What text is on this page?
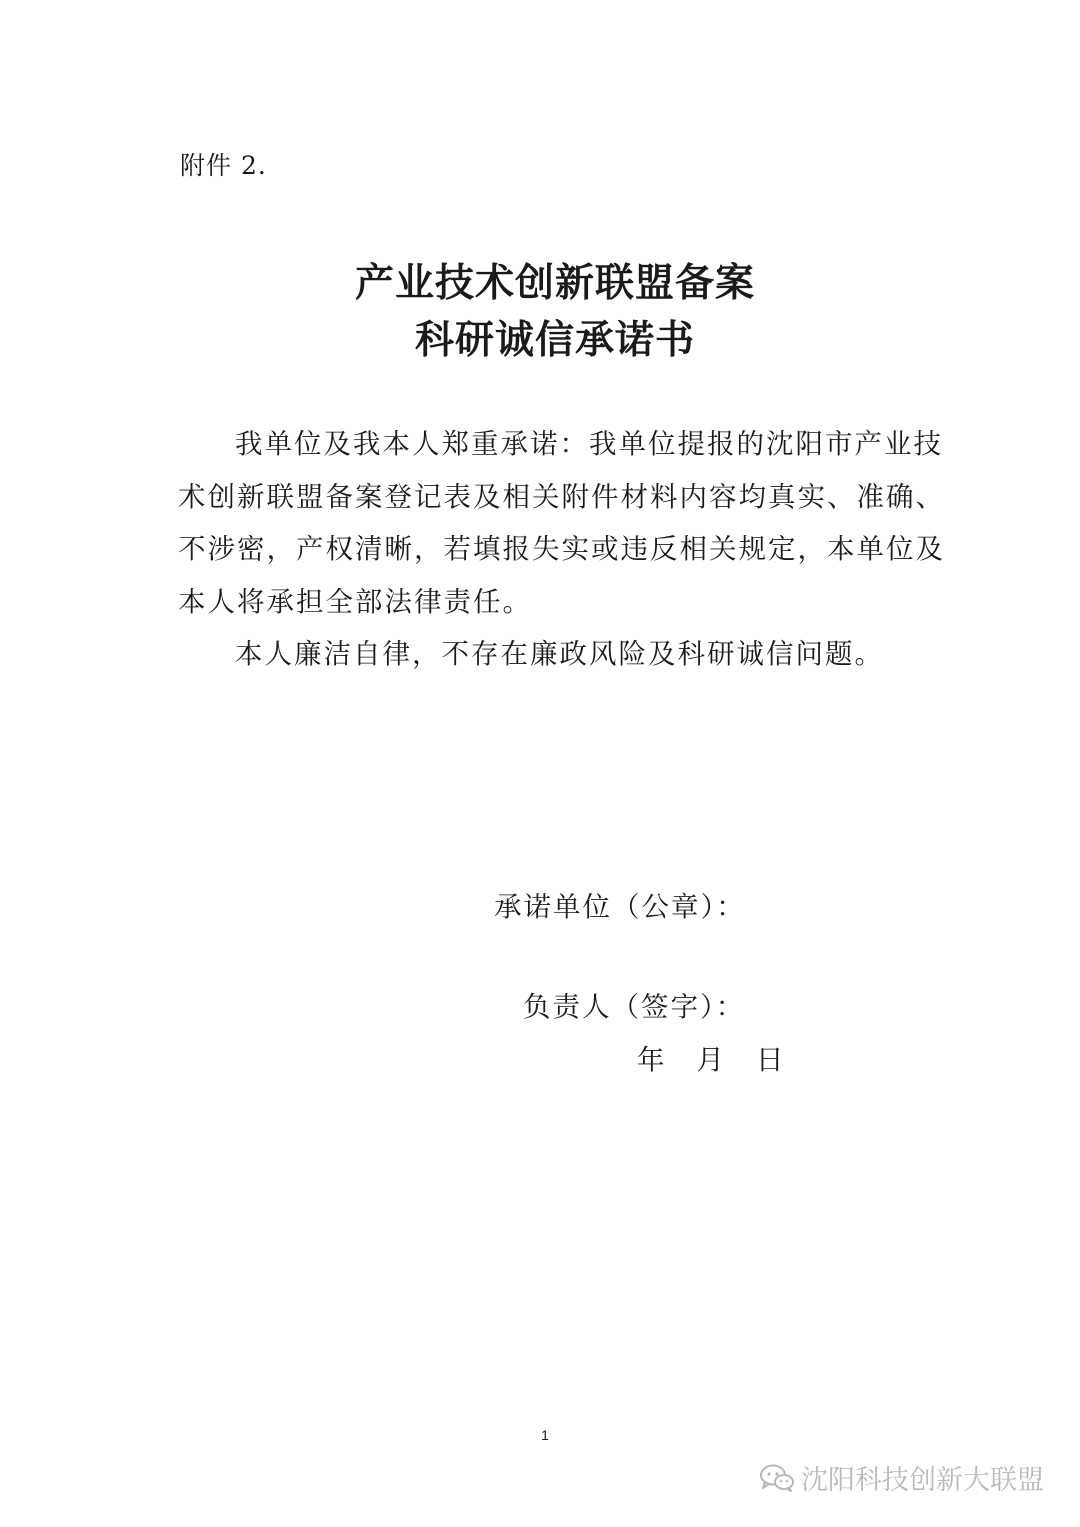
附件 2.
产业技术创新联盟备案
科研诚信承诺书

我单位及我本人郑重承诺：我单位提报的沈阳市产业技
术创新联盟备案登记表及相关附件材料内容均真实、准确、
不涉密，产权清晰，若填报失实或违反相关规定，本单位及
本人将承担全部法律责任。

本人廉洁自律，不存在廉政风险及科研诚信问题。

承诺单位（公章）：
负责人（签字）：
年 月 日
1
沈阳科技创新大联盟
